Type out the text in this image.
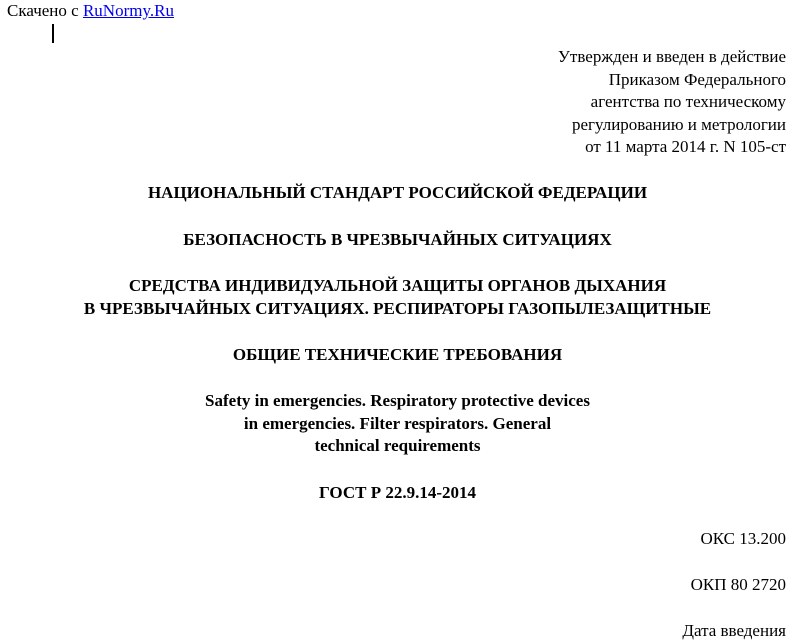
Скачено с RuNormy.Ru
Утвержден и введен в действие
Приказом Федерального
агентства по техническому
регулированию и метрологии
от 11 марта 2014 г. N 105-ст
НАЦИОНАЛЬНЫЙ СТАНДАРТ РОССИЙСКОЙ ФЕДЕРАЦИИ
БЕЗОПАСНОСТЬ В ЧРЕЗВЫЧАЙНЫХ СИТУАЦИЯХ
СРЕДСТВА ИНДИВИДУАЛЬНОЙ ЗАЩИТЫ ОРГАНОВ ДЫХАНИЯ
В ЧРЕЗВЫЧАЙНЫХ СИТУАЦИЯХ. РЕСПИРАТОРЫ ГАЗОПЫЛЕЗАЩИТНЫЕ
ОБЩИЕ ТЕХНИЧЕСКИЕ ТРЕБОВАНИЯ
Safety in emergencies. Respiratory protective devices
in emergencies. Filter respirators. General
technical requirements
ГОСТ Р 22.9.14-2014
ОКС 13.200
ОКП 80 2720
Дата введения
